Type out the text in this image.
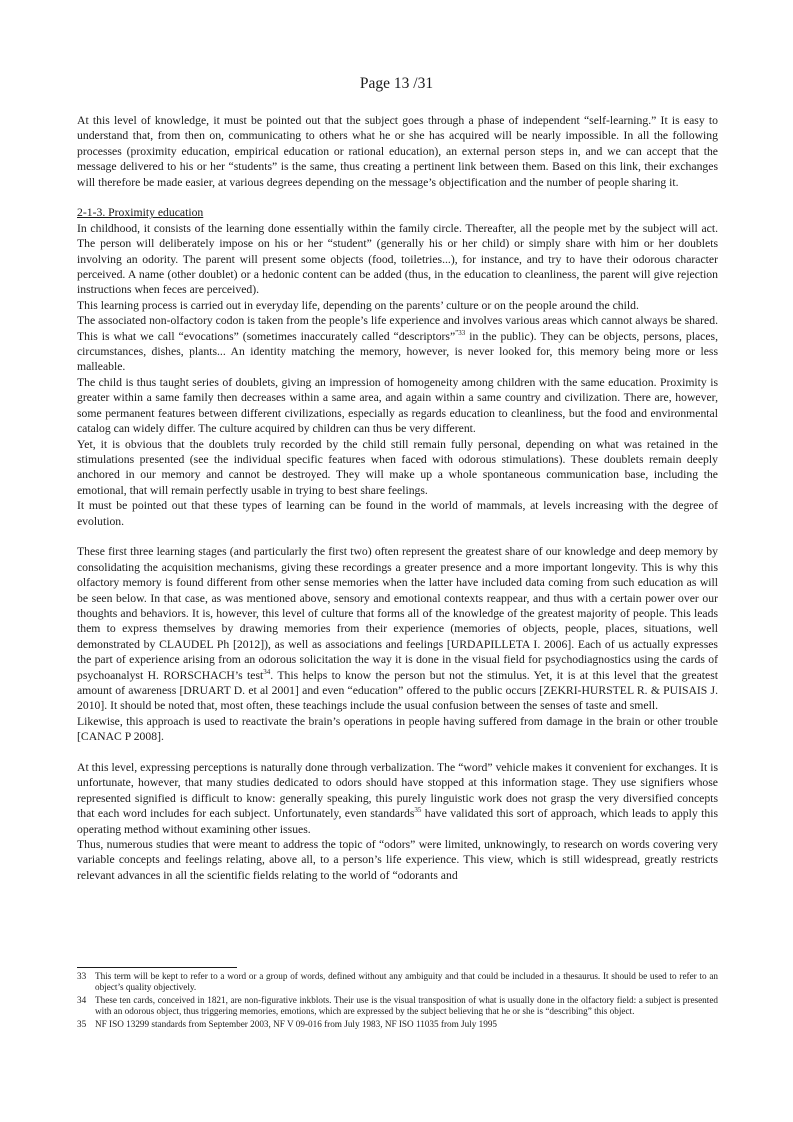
Page 13 /31

At this level of knowledge, it must be pointed out that the subject goes through a phase of independent “self-learning.” It is easy to understand that, from then on, communicating to others what he or she has acquired will be nearly impossible. In all the following processes (proximity education, empirical education or rational education), an external person steps in, and we can accept that the message delivered to his or her “students” is the same, thus creating a pertinent link between them. Based on this link, their exchanges will therefore be made easier, at various degrees depending on the message’s objectification and the number of people sharing it.

2-1-3. Proximity education

In childhood, it consists of the learning done essentially within the family circle. Thereafter, all the people met by the subject will act. The person will deliberately impose on his or her “student” (generally his or her child) or simply share with him or her doublets involving an odority. The parent will present some objects (food, toiletries...), for instance, and try to have their odorous character perceived. A name (other doublet) or a hedonic content can be added (thus, in the education to cleanliness, the parent will give rejection instructions when feces are perceived).

This learning process is carried out in everyday life, depending on the parents’ culture or on the people around the child.

The associated non-olfactory codon is taken from the people’s life experience and involves various areas which cannot always be shared. This is what we call “evocations” (sometimes inaccurately called “descriptors”$^{”33}$ in the public). They can be objects, persons, places, circumstances, dishes, plants... An identity matching the memory, however, is never looked for, this memory being more or less malleable.

The child is thus taught series of doublets, giving an impression of homogeneity among children with the same education. Proximity is greater within a same family then decreases within a same area, and again within a same country and civilization. There are, however, some permanent features between different civilizations, especially as regards education to cleanliness, but the food and environmental catalog can widely differ. The culture acquired by children can thus be very different.

Yet, it is obvious that the doublets truly recorded by the child still remain fully personal, depending on what was retained in the stimulations presented (see the individual specific features when faced with odorous stimulations). These doublets remain deeply anchored in our memory and cannot be destroyed. They will make up a whole spontaneous communication base, including the emotional, that will remain perfectly usable in trying to best share feelings.

It must be pointed out that these types of learning can be found in the world of mammals, at levels increasing with the degree of evolution.

These first three learning stages (and particularly the first two) often represent the greatest share of our knowledge and deep memory by consolidating the acquisition mechanisms, giving these recordings a greater presence and a more important longevity. This is why this olfactory memory is found different from other sense memories when the latter have included data coming from such education as will be seen below. In that case, as was mentioned above, sensory and emotional contexts reappear, and thus with a certain power over our thoughts and behaviors. It is, however, this level of culture that forms all of the knowledge of the greatest majority of people. This leads them to express themselves by drawing memories from their experience (memories of objects, people, places, situations, well demonstrated by CLAUDEL Ph [2012]), as well as associations and feelings [URDAPILLETA I. 2006]. Each of us actually expresses the part of experience arising from an odorous solicitation the way it is done in the visual field for psychodiagnostics using the cards of psychoanalyst H. RORSCHACH’s test$^{34}$. This helps to know the person but not the stimulus. Yet, it is at this level that the greatest amount of awareness [DRUART D. et al 2001] and even “education” offered to the public occurs [ZEKRI-HURSTEL R. & PUISAIS J. 2010]. It should be noted that, most often, these teachings include the usual confusion between the senses of taste and smell.

Likewise, this approach is used to reactivate the brain’s operations in people having suffered from damage in the brain or other trouble [CANAC P 2008].

At this level, expressing perceptions is naturally done through verbalization. The “word” vehicle makes it convenient for exchanges. It is unfortunate, however, that many studies dedicated to odors should have stopped at this information stage. They use signifiers whose represented signified is difficult to know: generally speaking, this purely linguistic work does not grasp the very diversified concepts that each word includes for each subject. Unfortunately, even standards$^{35}$ have validated this sort of approach, which leads to apply this operating method without examining other issues.

Thus, numerous studies that were meant to address the topic of “odors” were limited, unknowingly, to research on words covering very variable concepts and feelings relating, above all, to a person’s life experience. This view, which is still widespread, greatly restricts relevant advances in all the scientific fields relating to the world of “odorants and

33 This term will be kept to refer to a word or a group of words, defined without any ambiguity and that could be included in a thesaurus. It should be used to refer to an object’s quality objectively.
34 These ten cards, conceived in 1821, are non-figurative inkblots. Their use is the visual transposition of what is usually done in the olfactory field: a subject is presented with an odorous object, thus triggering memories, emotions, which are expressed by the subject believing that he or she is “describing” this object.
35 NF ISO 13299 standards from September 2003, NF V 09-016 from July 1983, NF ISO 11035 from July 1995
